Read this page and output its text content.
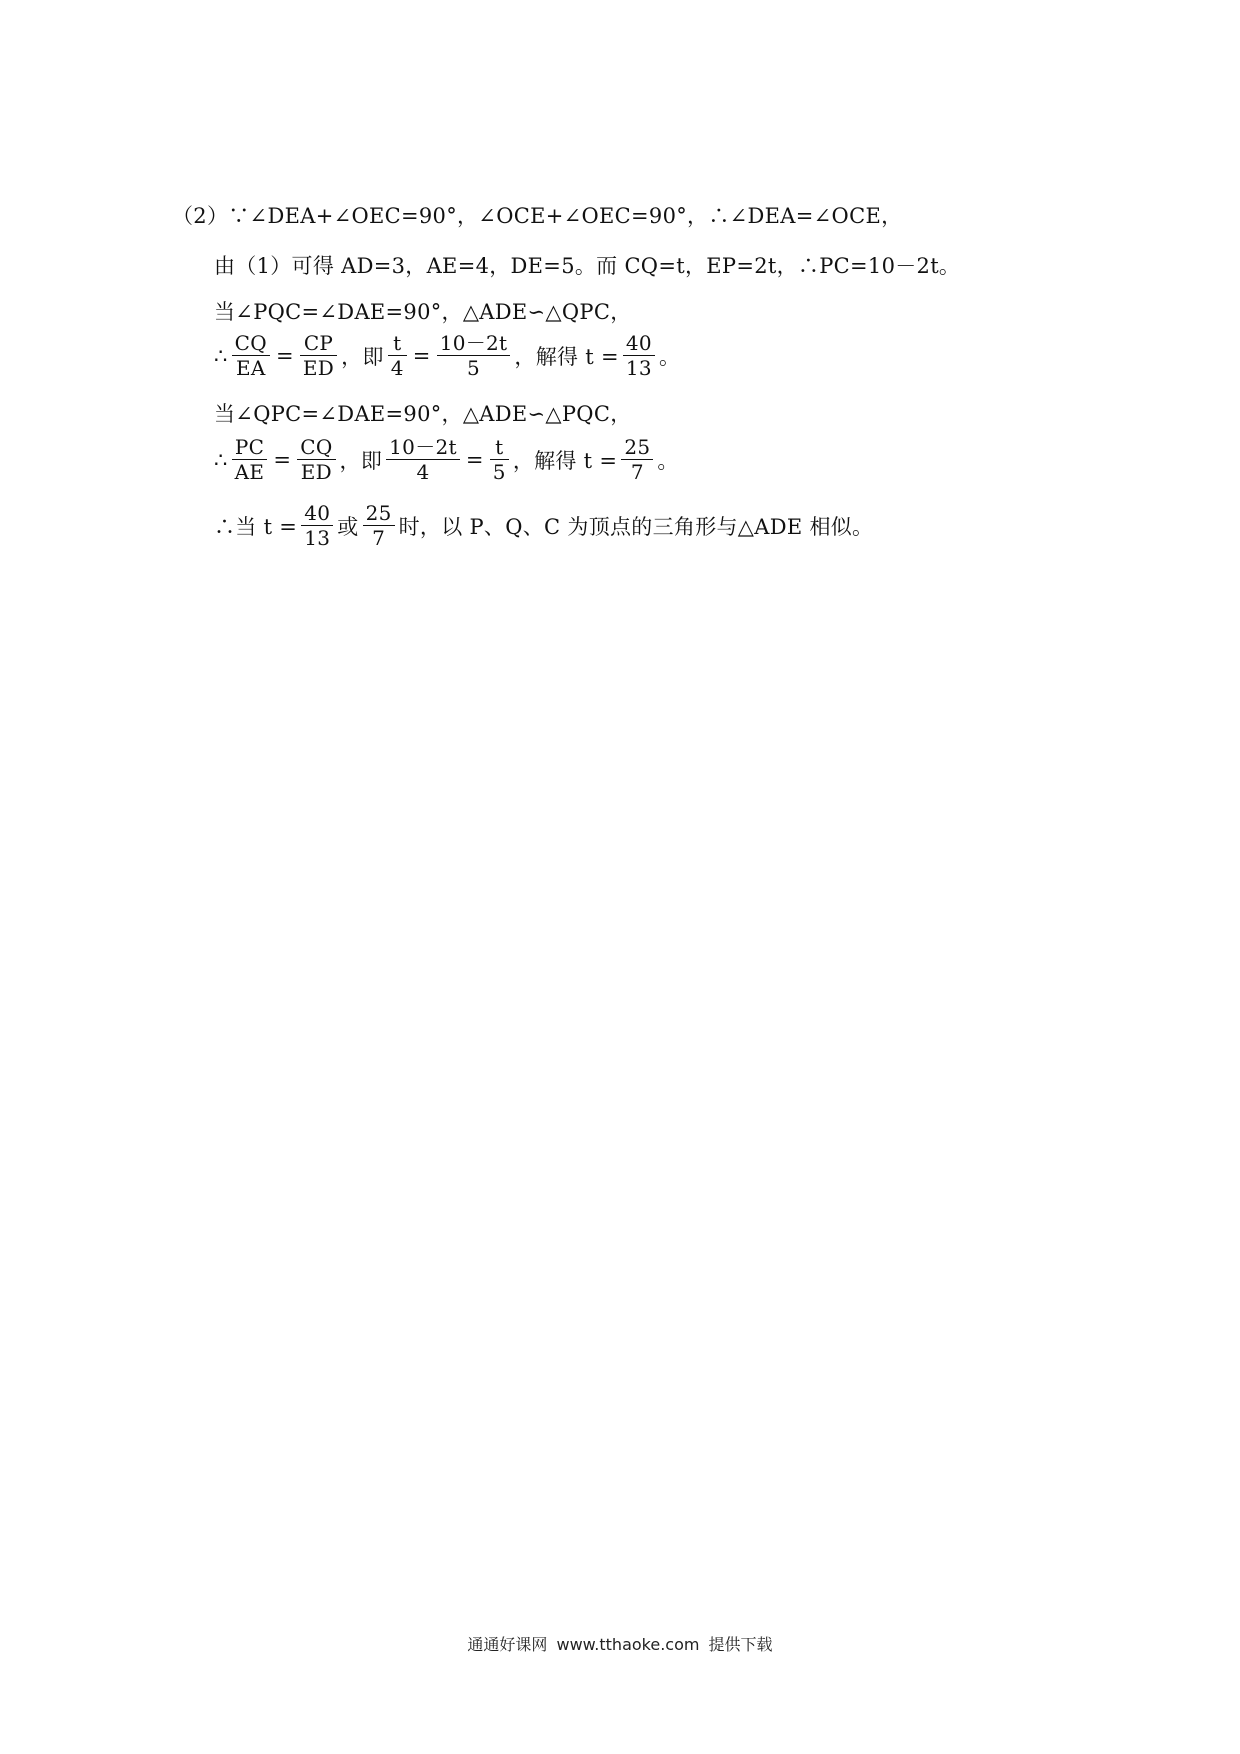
（2）∵∠DEA+∠OEC=90°，∠OCE+∠OEC=90°，∴∠DEA=∠OCE，
由（1）可得 AD=3，AE=4，DE=5。而 CQ=t，EP=2t，∴PC=10－2t。
当∠PQC=∠DAE=90°，△ADE∽△QPC，
∴ $\frac{CQ}{EA} = \frac{CP}{ED}$ ，即 $\frac{t}{4} = \frac{10-2t}{5}$ ，解得 $t = \frac{40}{13}$ 。
当∠QPC=∠DAE=90°，△ADE∽△PQC，
∴ $\frac{PC}{AE} = \frac{CQ}{ED}$ ，即 $\frac{10-2t}{4} = \frac{t}{5}$ ，解得 $t = \frac{25}{7}$ 。
∴当 $t = \frac{40}{13}$ 或 $\frac{25}{7}$ 时，以 P、Q、C 为顶点的三角形与△ADE 相似。
通通好课网 www.tthaoke.com 提供下载
